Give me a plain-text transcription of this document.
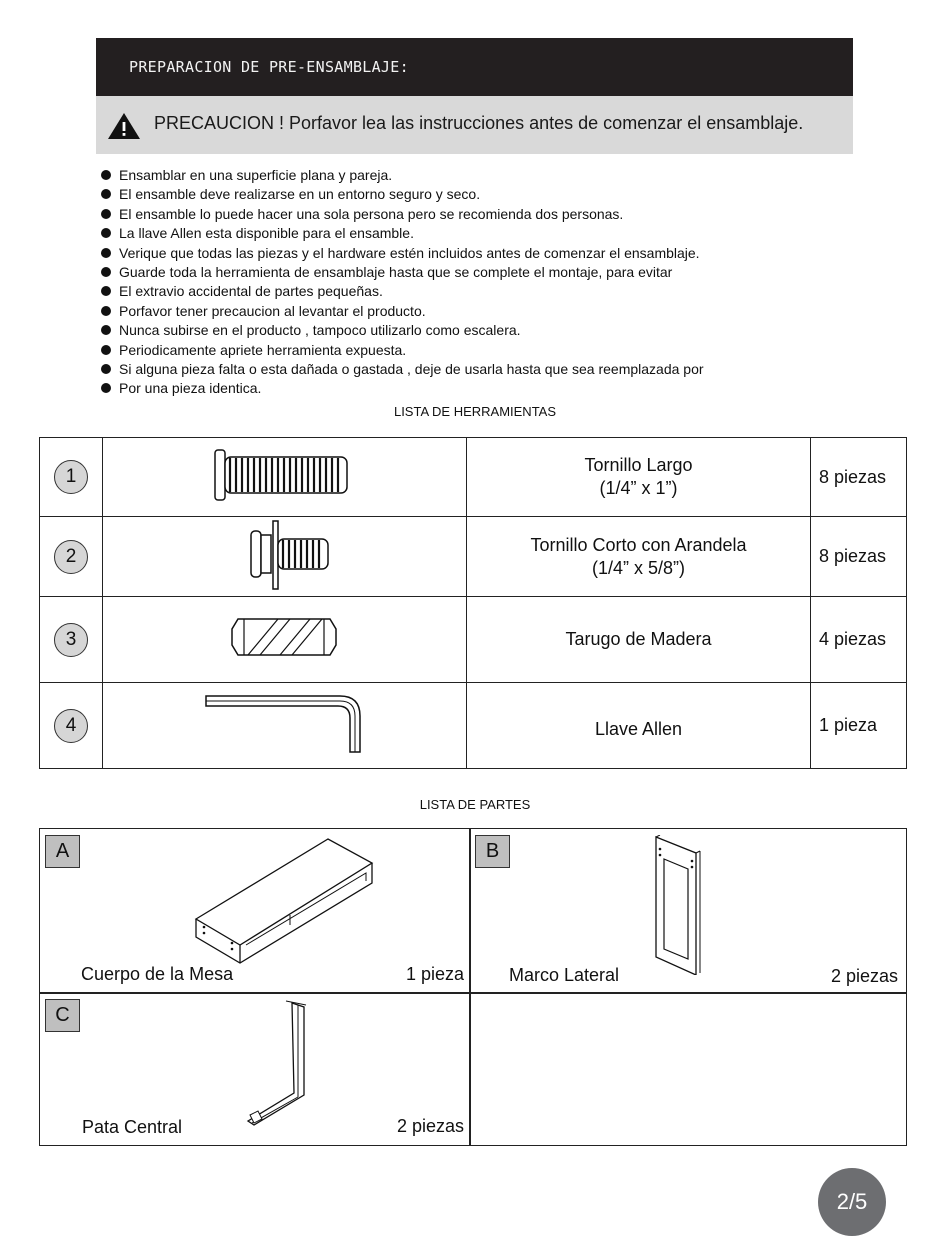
PREPARACION DE PRE-ENSAMBLAJE:
PRECAUCION ! Porfavor lea las instrucciones antes de comenzar el ensamblaje.
Ensamblar en una superficie plana y pareja.
El ensamble deve realizarse en un entorno seguro y seco.
El ensamble lo puede hacer una sola persona pero se recomienda dos personas.
La llave Allen esta disponible para el ensamble.
Verique que todas las piezas y el hardware estén incluidos antes de comenzar el ensamblaje.
Guarde toda la herramienta de ensamblaje hasta que se complete el montaje, para evitar
El extravio accidental de partes pequeñas.
Porfavor tener precaucion al levantar el producto.
Nunca subirse en el producto , tampoco utilizarlo como escalera.
Periodicamente apriete herramienta expuesta.
Si alguna pieza falta o esta dañada o gastada , deje de usarla hasta que sea reemplazada por
Por una pieza identica.
LISTA DE HERRAMIENTAS
1		Tornillo Largo
(1/4” x 1”)	8 piezas
2		Tornillo Corto con Arandela
(1/4” x 5/8”)	8 piezas
3		Tarugo de Madera	4 piezas
4		Llave Allen	1 pieza
LISTA DE PARTES
A
Cuerpo de la Mesa	1 pieza
B
Marco Lateral	2 piezas
C
Pata Central	2 piezas
2/5
